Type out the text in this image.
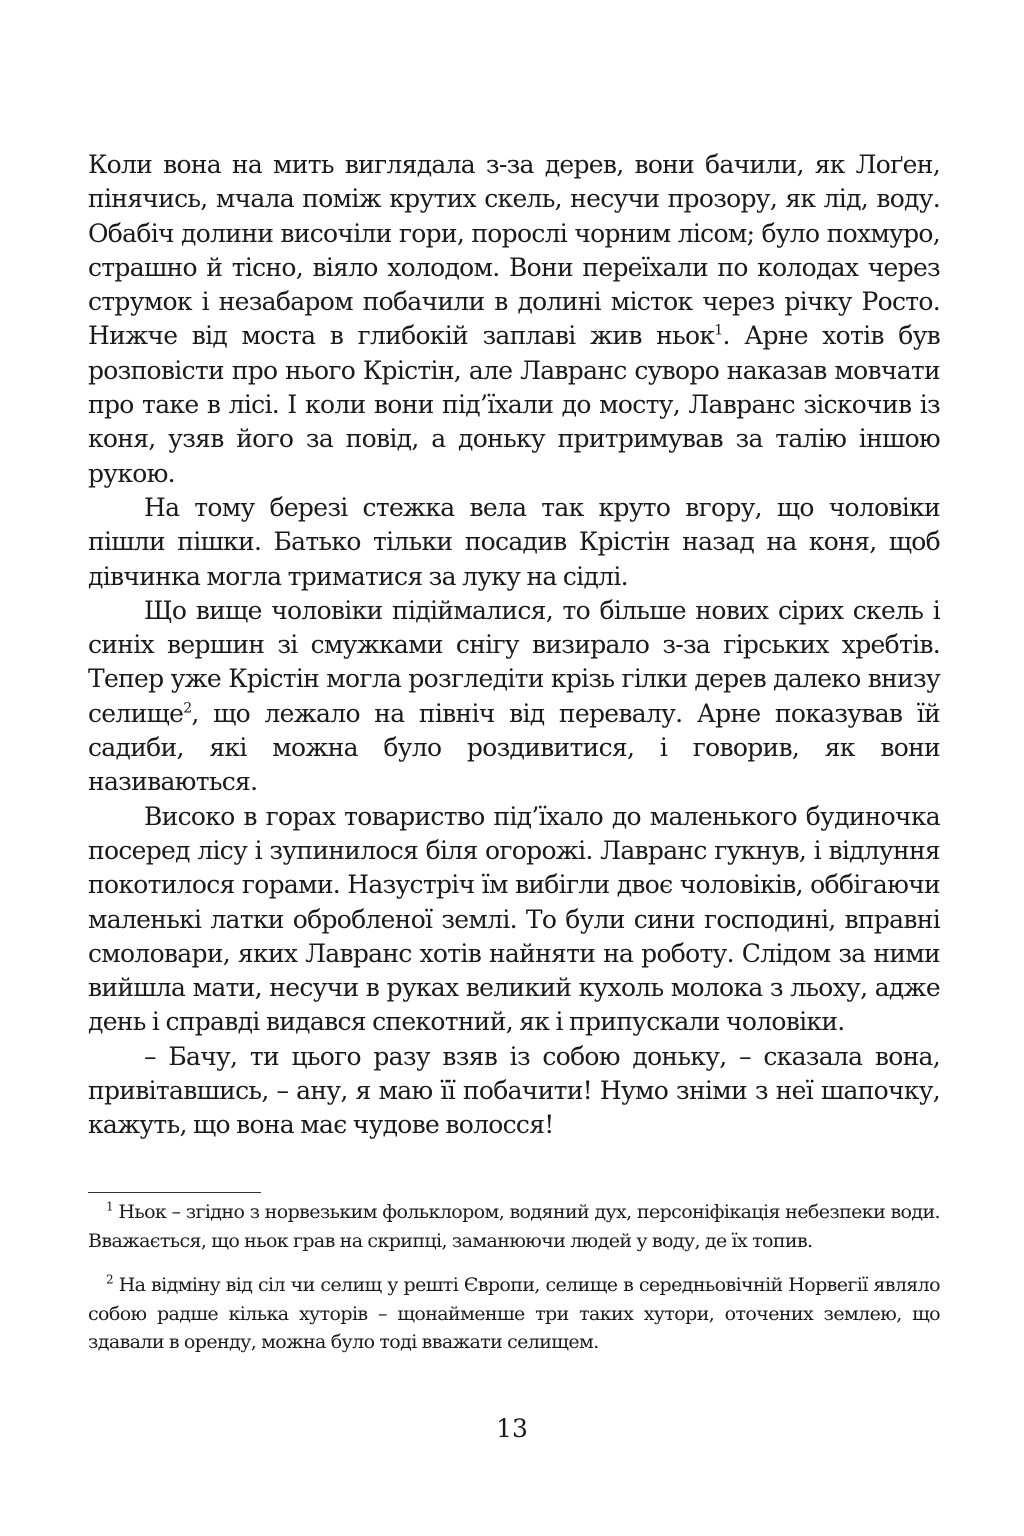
Коли вона на мить виглядала з-за дерев, вони бачили, як Лоґен, пінячись, мчала поміж крутих скель, несучи прозору, як лід, воду. Обабіч долини височіли гори, порослі чорним лісом; було похмуро, страшно й тісно, віяло холодом. Вони переїхали по колодах через струмок і незабаром побачили в долині місток через річку Росто. Нижче від моста в глибокій заплаві жив ньок$^1$. Арне хотів був розповісти про нього Крістін, але Лавранс суворо наказав мовчати про таке в лісі. І коли вони під’їхали до мосту, Лавранс зіскочив із коня, узяв його за повід, а доньку притримував за талію іншою рукою.

На тому березі стежка вела так круто вгору, що чоловіки пішли пішки. Батько тільки посадив Крістін назад на коня, щоб дівчинка могла триматися за луку на сідлі.

Що вище чоловіки підіймалися, то більше нових сірих скель і синіх вершин зі смужками снігу визирало з-за гірських хребтів. Тепер уже Крістін могла розгледіти крізь гілки дерев далеко внизу селище$^2$, що лежало на північ від перевалу. Арне показував їй садиби, які можна було роздивитися, і говорив, як вони називаються.

Високо в горах товариство під’їхало до маленького будиночка посеред лісу і зупинилося біля огорожі. Лавранс гукнув, і відлуння покотилося горами. Назустріч їм вибігли двоє чоловіків, оббігаючи маленькі латки обробленої землі. То були сини господині, вправні смоловари, яких Лавранс хотів найняти на роботу. Слідом за ними вийшла мати, несучи в руках великий кухоль молока з льоху, адже день і справді видався спекотний, як і припускали чоловіки.

– Бачу, ти цього разу взяв із собою доньку, – сказала вона, привітавшись, – ану, я маю її побачити! Нумо зніми з неї шапочку, кажуть, що вона має чудове волосся!

$^1$ Ньок – згідно з норвезьким фольклором, водяний дух, персоніфікація небезпеки води. Вважається, що ньок грав на скрипці, заманюючи людей у воду, де їх топив.

$^2$ На відміну від сіл чи селищ у решті Європи, селище в середньовічній Норвегії являло собою радше кілька хуторів – щонайменше три таких хутори, оточених землею, що здавали в оренду, можна було тоді вважати селищем.

13
